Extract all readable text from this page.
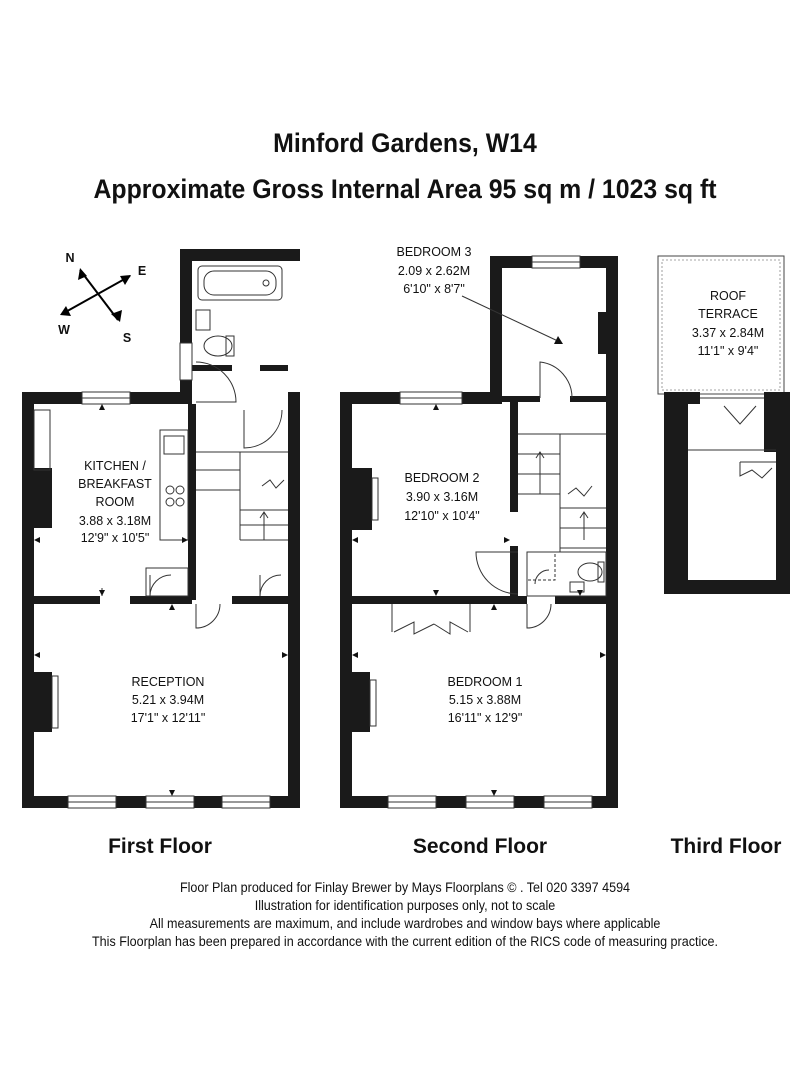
Minford Gardens, W14
Approximate Gross Internal Area 95 sq m / 1023 sq ft
N
E
S
W
KITCHEN /
BREAKFAST
ROOM
3.88 x 3.18M
12'9" x 10'5"
RECEPTION
5.21 x 3.94M
17'1" x 12'11"
First Floor
BEDROOM 3
2.09 x 2.62M
6'10" x 8'7"
BEDROOM 2
3.90 x 3.16M
12'10" x 10'4"
BEDROOM 1
5.15 x 3.88M
16'11" x 12'9"
Second Floor
ROOF
TERRACE
3.37 x 2.84M
11'1" x 9'4"
Third Floor
Floor Plan produced for Finlay Brewer by Mays Floorplans © . Tel 020 3397 4594
Illustration for identification purposes only, not to scale
All measurements are maximum, and include wardrobes and window bays where applicable
This Floorplan has been prepared in accordance with the current edition of the RICS code of measuring practice.
